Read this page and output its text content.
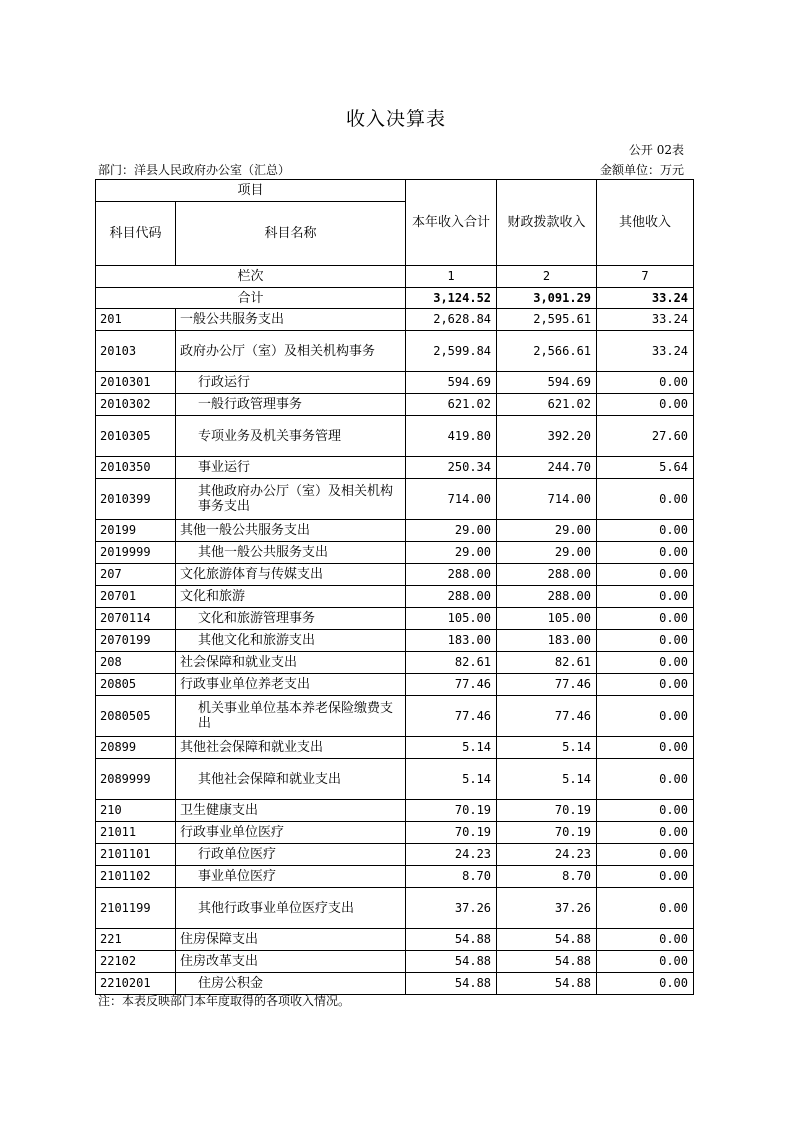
收入决算表
公开 02表
部门：洋县人民政府办公室（汇总）	金额单位：万元
项目		本年收入合计	财政拨款收入	其他收入
科目代码	科目名称			

栏次		1	2	7
合计		3,124.52	3,091.29	33.24
201	一般公共服务支出	2,628.84	2,595.61	33.24
20103	政府办公厅（室）及相关机构事务	2,599.84	2,566.61	33.24
2010301	行政运行	594.69	594.69	0.00
2010302	一般行政管理事务	621.02	621.02	0.00
2010305	专项业务及机关事务管理	419.80	392.20	27.60
2010350	事业运行	250.34	244.70	5.64
2010399	其他政府办公厅（室）及相关机构事务支出	714.00	714.00	0.00
20199	其他一般公共服务支出	29.00	29.00	0.00
2019999	其他一般公共服务支出	29.00	29.00	0.00
207	文化旅游体育与传媒支出	288.00	288.00	0.00
20701	文化和旅游	288.00	288.00	0.00
2070114	文化和旅游管理事务	105.00	105.00	0.00
2070199	其他文化和旅游支出	183.00	183.00	0.00
208	社会保障和就业支出	82.61	82.61	0.00
20805	行政事业单位养老支出	77.46	77.46	0.00
2080505	机关事业单位基本养老保险缴费支出	77.46	77.46	0.00
20899	其他社会保障和就业支出	5.14	5.14	0.00
2089999	其他社会保障和就业支出	5.14	5.14	0.00
210	卫生健康支出	70.19	70.19	0.00
21011	行政事业单位医疗	70.19	70.19	0.00
2101101	行政单位医疗	24.23	24.23	0.00
2101102	事业单位医疗	8.70	8.70	0.00
2101199	其他行政事业单位医疗支出	37.26	37.26	0.00
221	住房保障支出	54.88	54.88	0.00
22102	住房改革支出	54.88	54.88	0.00
2210201	住房公积金	54.88	54.88	0.00
注：本表反映部门本年度取得的各项收入情况。
